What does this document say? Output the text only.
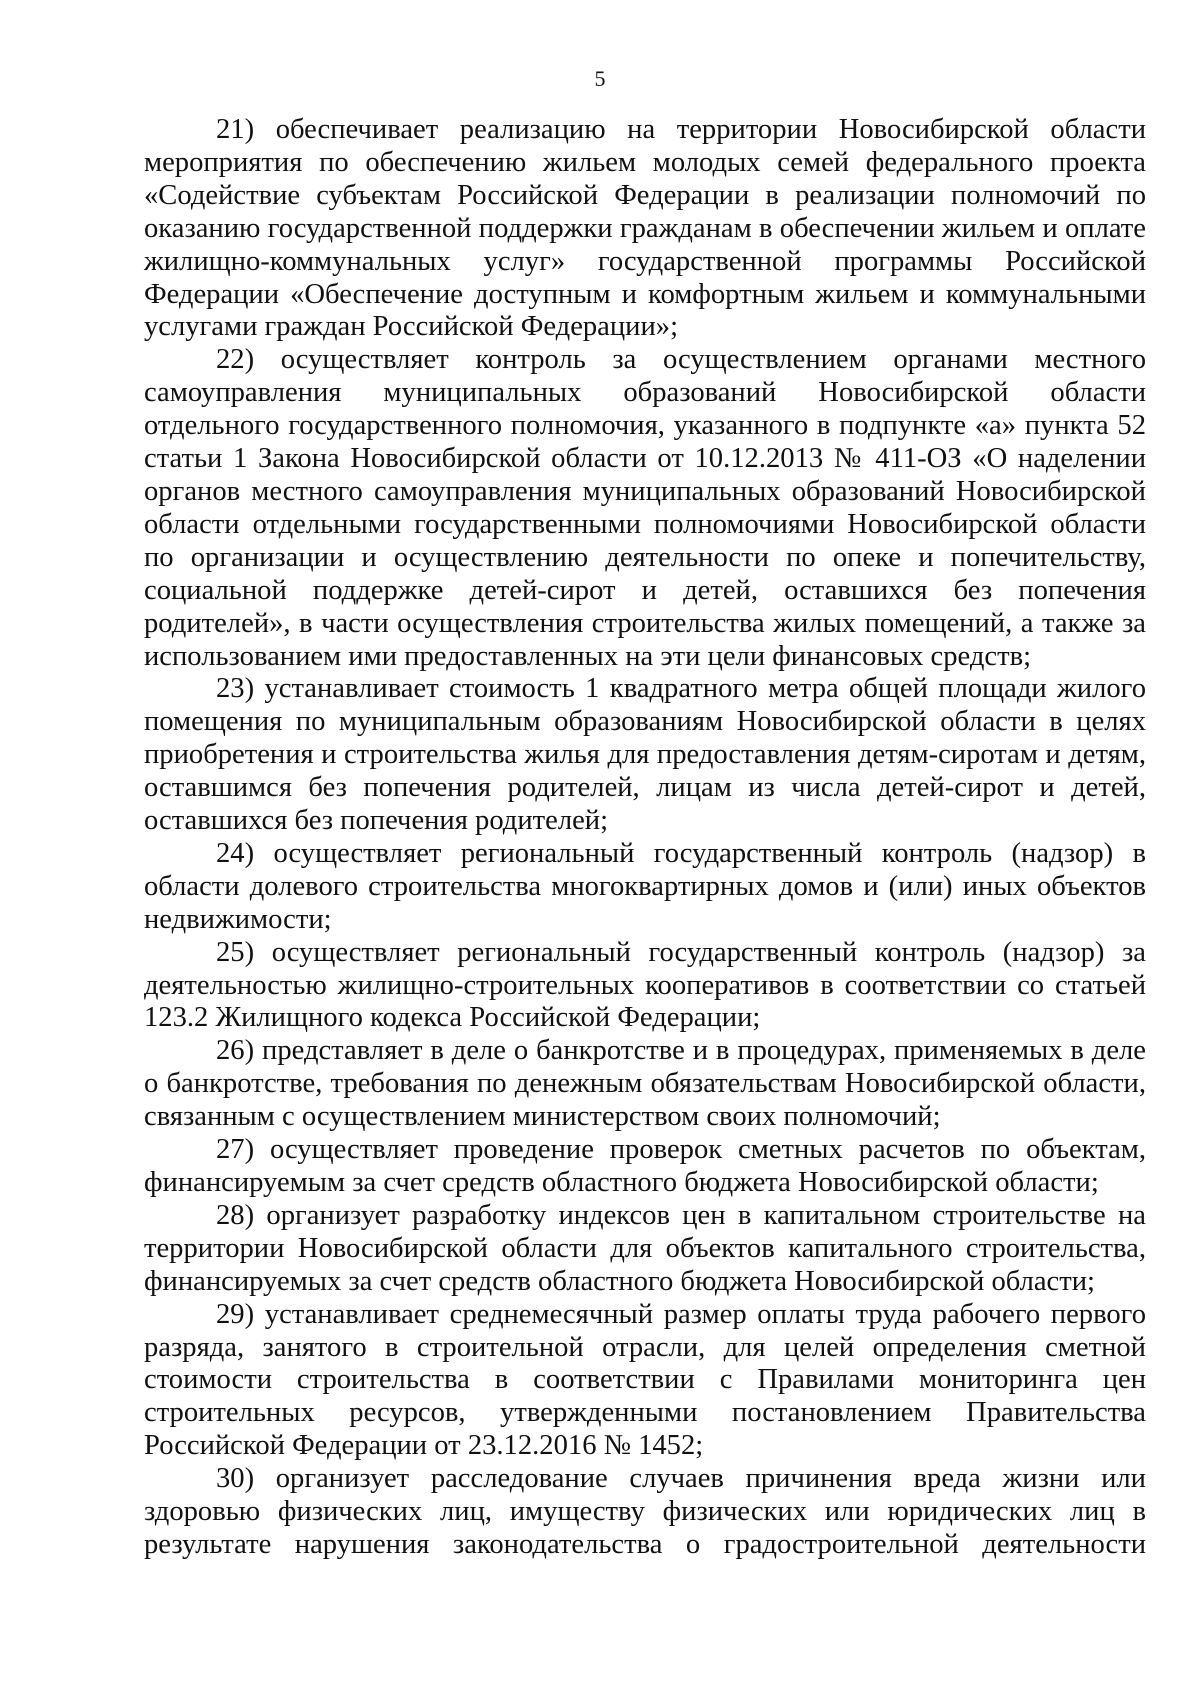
5

21) обеспечивает реализацию на территории Новосибирской области мероприятия по обеспечению жильем молодых семей федерального проекта «Содействие субъектам Российской Федерации в реализации полномочий по оказанию государственной поддержки гражданам в обеспечении жильем и оплате жилищно-коммунальных услуг» государственной программы Российской Федерации «Обеспечение доступным и комфортным жильем и коммунальными услугами граждан Российской Федерации»;

22) осуществляет контроль за осуществлением органами местного самоуправления муниципальных образований Новосибирской области отдельного государственного полномочия, указанного в подпункте «а» пункта 52 статьи 1 Закона Новосибирской области от 10.12.2013 № 411-ОЗ «О наделении органов местного самоуправления муниципальных образований Новосибирской области отдельными государственными полномочиями Новосибирской области по организации и осуществлению деятельности по опеке и попечительству, социальной поддержке детей-сирот и детей, оставшихся без попечения родителей», в части осуществления строительства жилых помещений, а также за использованием ими предоставленных на эти цели финансовых средств;

23) устанавливает стоимость 1 квадратного метра общей площади жилого помещения по муниципальным образованиям Новосибирской области в целях приобретения и строительства жилья для предоставления детям-сиротам и детям, оставшимся без попечения родителей, лицам из числа детей-сирот и детей, оставшихся без попечения родителей;

24) осуществляет региональный государственный контроль (надзор) в области долевого строительства многоквартирных домов и (или) иных объектов недвижимости;

25) осуществляет региональный государственный контроль (надзор) за деятельностью жилищно-строительных кооперативов в соответствии со статьей 123.2 Жилищного кодекса Российской Федерации;

26) представляет в деле о банкротстве и в процедурах, применяемых в деле о банкротстве, требования по денежным обязательствам Новосибирской области, связанным с осуществлением министерством своих полномочий;

27) осуществляет проведение проверок сметных расчетов по объектам, финансируемым за счет средств областного бюджета Новосибирской области;

28) организует разработку индексов цен в капитальном строительстве на территории Новосибирской области для объектов капитального строительства, финансируемых за счет средств областного бюджета Новосибирской области;

29) устанавливает среднемесячный размер оплаты труда рабочего первого разряда, занятого в строительной отрасли, для целей определения сметной стоимости строительства в соответствии с Правилами мониторинга цен строительных ресурсов, утвержденными постановлением Правительства Российской Федерации от 23.12.2016 № 1452;

30) организует расследование случаев причинения вреда жизни или здоровью физических лиц, имуществу физических или юридических лиц в результате нарушения законодательства о градостроительной деятельности
